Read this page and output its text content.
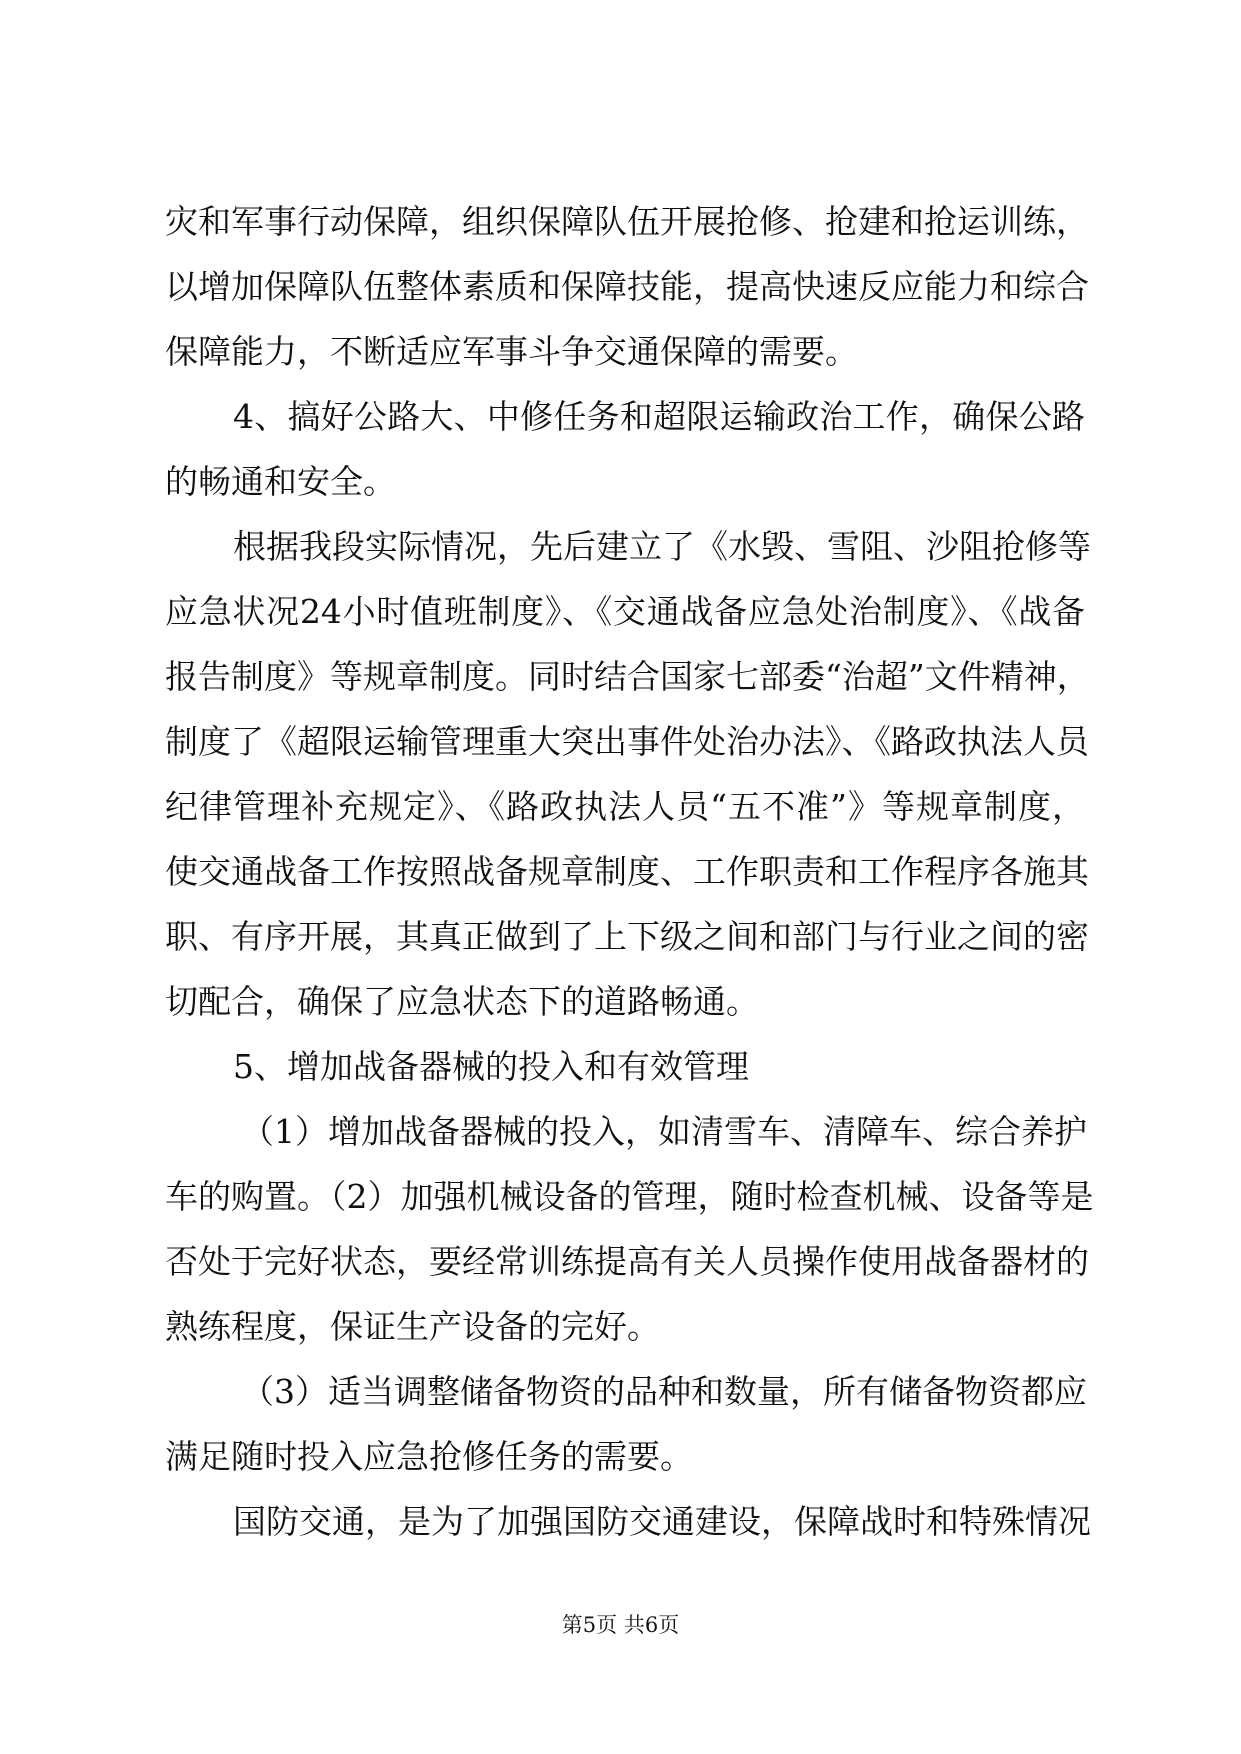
灾和军事行动保障，组织保障队伍开展抢修、抢建和抢运训练，
以增加保障队伍整体素质和保障技能，提高快速反应能力和综合
保障能力，不断适应军事斗争交通保障的需要。
4、搞好公路大、中修任务和超限运输政治工作，确保公路
的畅通和安全。
根据我段实际情况，先后建立了《水毁、雪阻、沙阻抢修等
应急状况24小时值班制度》、《交通战备应急处治制度》、《战备
报告制度》等规章制度。同时结合国家七部委“治超”文件精神，
制度了《超限运输管理重大突出事件处治办法》、《路政执法人员
纪律管理补充规定》、《路政执法人员“五不准”》等规章制度，
使交通战备工作按照战备规章制度、工作职责和工作程序各施其
职、有序开展，其真正做到了上下级之间和部门与行业之间的密
切配合，确保了应急状态下的道路畅通。
5、增加战备器械的投入和有效管理
（1）增加战备器械的投入，如清雪车、清障车、综合养护
车的购置。（2）加强机械设备的管理，随时检查机械、设备等是
否处于完好状态，要经常训练提高有关人员操作使用战备器材的
熟练程度，保证生产设备的完好。
（3）适当调整储备物资的品种和数量，所有储备物资都应
满足随时投入应急抢修任务的需要。
国防交通，是为了加强国防交通建设，保障战时和特殊情况
第5页 共6页
